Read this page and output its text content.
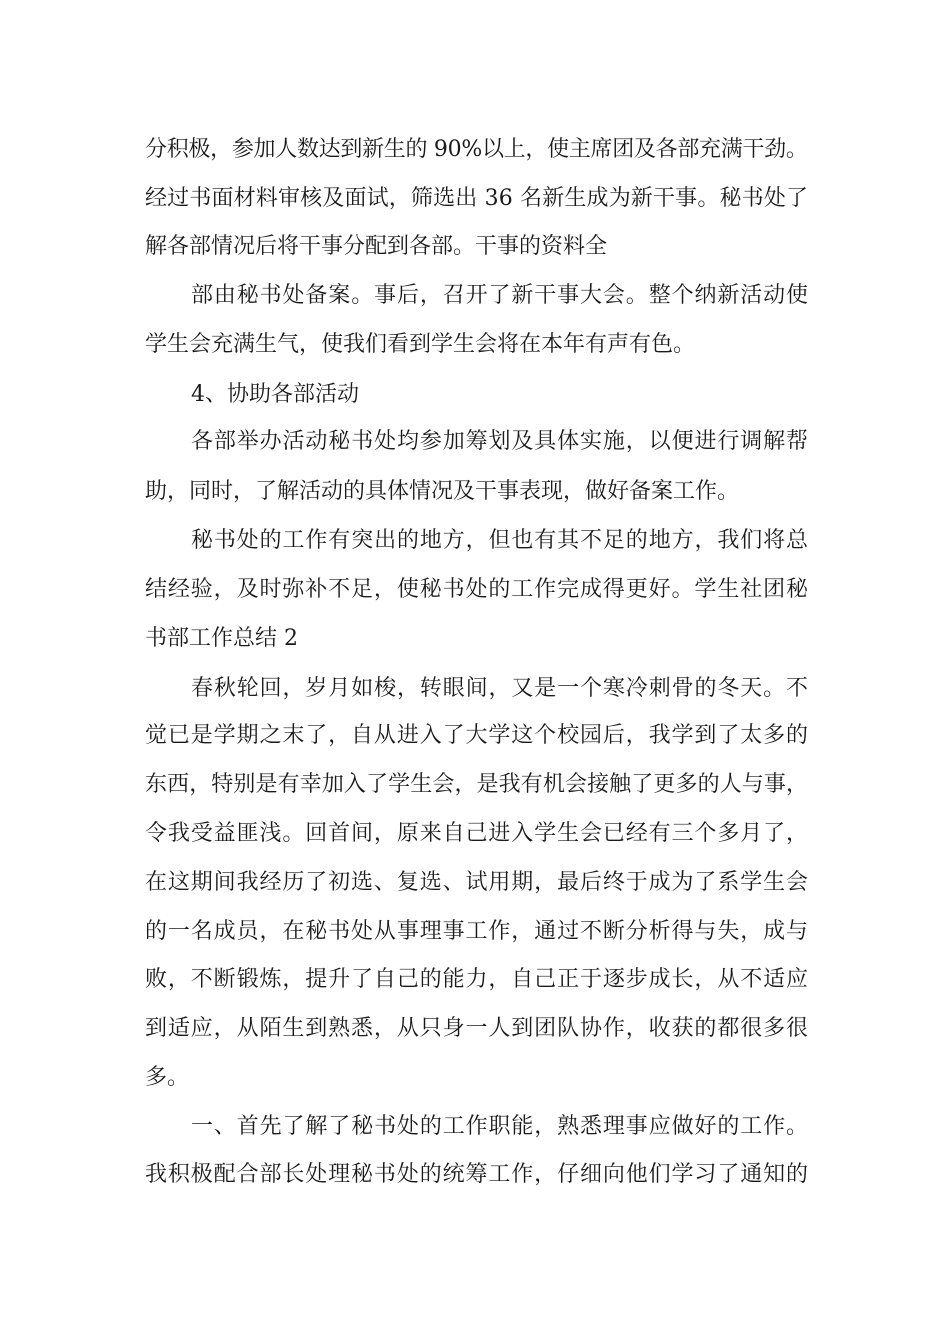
分积极，参加人数达到新生的 90%以上，使主席团及各部充满干劲。
经过书面材料审核及面试，筛选出 36 名新生成为新干事。秘书处了
解各部情况后将干事分配到各部。干事的资料全
部由秘书处备案。事后，召开了新干事大会。整个纳新活动使
学生会充满生气，使我们看到学生会将在本年有声有色。
4、协助各部活动
各部举办活动秘书处均参加筹划及具体实施，以便进行调解帮
助，同时，了解活动的具体情况及干事表现，做好备案工作。
秘书处的工作有突出的地方，但也有其不足的地方，我们将总
结经验，及时弥补不足，使秘书处的工作完成得更好。学生社团秘
书部工作总结 2
春秋轮回，岁月如梭，转眼间，又是一个寒冷刺骨的冬天。不
觉已是学期之末了，自从进入了大学这个校园后，我学到了太多的
东西，特别是有幸加入了学生会，是我有机会接触了更多的人与事，
令我受益匪浅。回首间，原来自己进入学生会已经有三个多月了，
在这期间我经历了初选、复选、试用期，最后终于成为了系学生会
的一名成员，在秘书处从事理事工作，通过不断分析得与失，成与
败，不断锻炼，提升了自己的能力，自己正于逐步成长，从不适应
到适应，从陌生到熟悉，从只身一人到团队协作，收获的都很多很
多。
一、首先了解了秘书处的工作职能，熟悉理事应做好的工作。
我积极配合部长处理秘书处的统筹工作，仔细向他们学习了通知的
